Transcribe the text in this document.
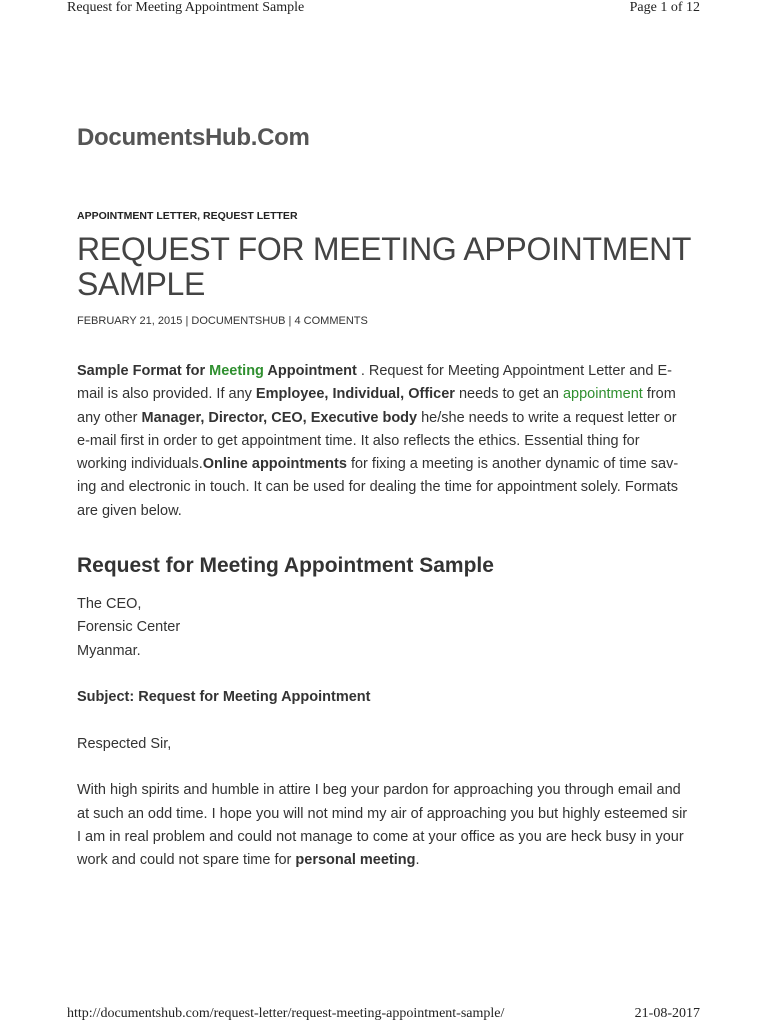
Request for Meeting Appointment Sample	Page 1 of 12
DocumentsHub.Com
APPOINTMENT LETTER, REQUEST LETTER
REQUEST FOR MEETING APPOINTMENT SAMPLE
FEBRUARY 21, 2015 | DOCUMENTSHUB | 4 COMMENTS

Sample Format for Meeting Appointment . Request for Meeting Appointment Letter and E-mail is also provided. If any Employee, Individual, Officer needs to get an appointment from any other Manager, Director, CEO, Executive body he/she needs to write a request letter or e-mail first in order to get appointment time. It also reflects the ethics. Essential thing for working individuals.Online appointments for fixing a meeting is another dynamic of time saving and electronic in touch. It can be used for dealing the time for appointment solely. Formats are given below.

Request for Meeting Appointment Sample

The CEO,

Forensic Center

Myanmar.

Subject: Request for Meeting Appointment

Respected Sir,

With high spirits and humble in attire I beg your pardon for approaching you through email and at such an odd time. I hope you will not mind my air of approaching you but highly esteemed sir I am in real problem and could not manage to come at your office as you are heck busy in your work and could not spare time for personal meeting.

http://documentshub.com/request-letter/request-meeting-appointment-sample/	21-08-2017
